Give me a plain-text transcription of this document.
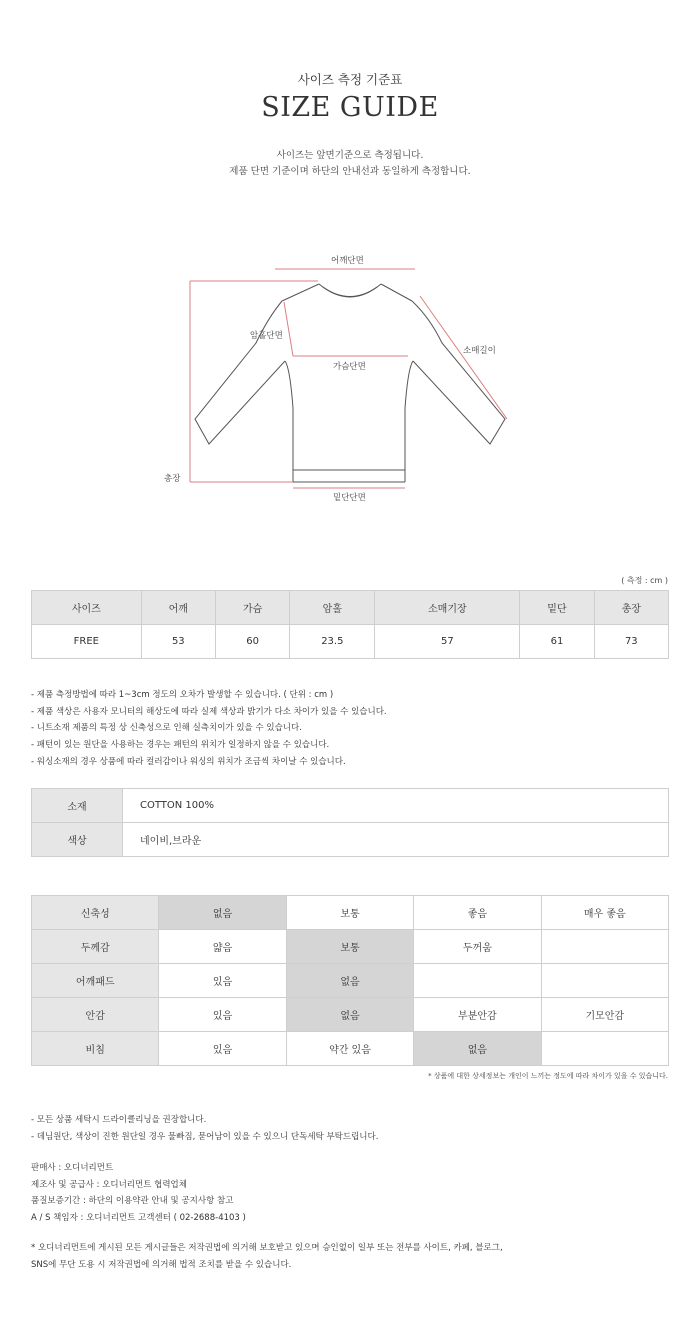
사이즈 측정 기준표
SIZE GUIDE
사이즈는 앞면기준으로 측정됩니다.
제품 단면 기준이며 하단의 안내선과 동일하게 측정합니다.
어깨단면
암홀단면
가슴단면
소매길이
총장
밑단단면
( 측정 : cm )
사이즈	어깨	가슴	암홀	소매기장	밑단	총장
FREE	53	60	23.5	57	61	73
- 제품 측정방법에 따라 1~3cm 정도의 오차가 발생할 수 있습니다. ( 단위 : cm )
- 제품 색상은 사용자 모니터의 해상도에 따라 실제 색상과 밝기가 다소 차이가 있을 수 있습니다.
- 니트소재 제품의 특정 상 신축성으로 인해 실측치이가 있을 수 있습니다.
- 패턴이 있는 원단을 사용하는 경우는 패턴의 위치가 일정하지 않을 수 있습니다.
- 워싱소재의 경우 상품에 따라 컬러감이나 워싱의 위치가 조금씩 차이날 수 있습니다.
소재	COTTON 100%
색상	네이비,브라운
신축성	없음	보통	좋음	매우 좋음
두께감	얇음	보통	두꺼움	
어깨패드	있음	없음		
안감	있음	없음	부분안감	기모안감
비침	있음	약간 있음	없음	
* 상품에 대한 상세정보는 개인이 느끼는 정도에 따라 차이가 있을 수 있습니다.
- 모든 상품 세탁시 드라이클리닝을 권장합니다.
- 데님원단, 색상이 진한 원단일 경우 물빠짐, 묻어남이 있을 수 있으니 단독세탁 부탁드립니다.
판매사 : 오디너리먼트
제조사 및 공급사 : 오디너리먼트 협력업체
품질보증기간 : 하단의 이용약관 안내 및 공지사항 참고
A / S 책임자 : 오디너리먼트 고객센터 ( 02-2688-4103 )
* 오디너리먼트에 게시된 모든 게시글들은 저작권법에 의거해 보호받고 있으며 승인없이 일부 또는 전부를 사이트, 카페, 블로그,
SNS에 무단 도용 시 저작권법에 의거해 법적 조치를 받을 수 있습니다.
